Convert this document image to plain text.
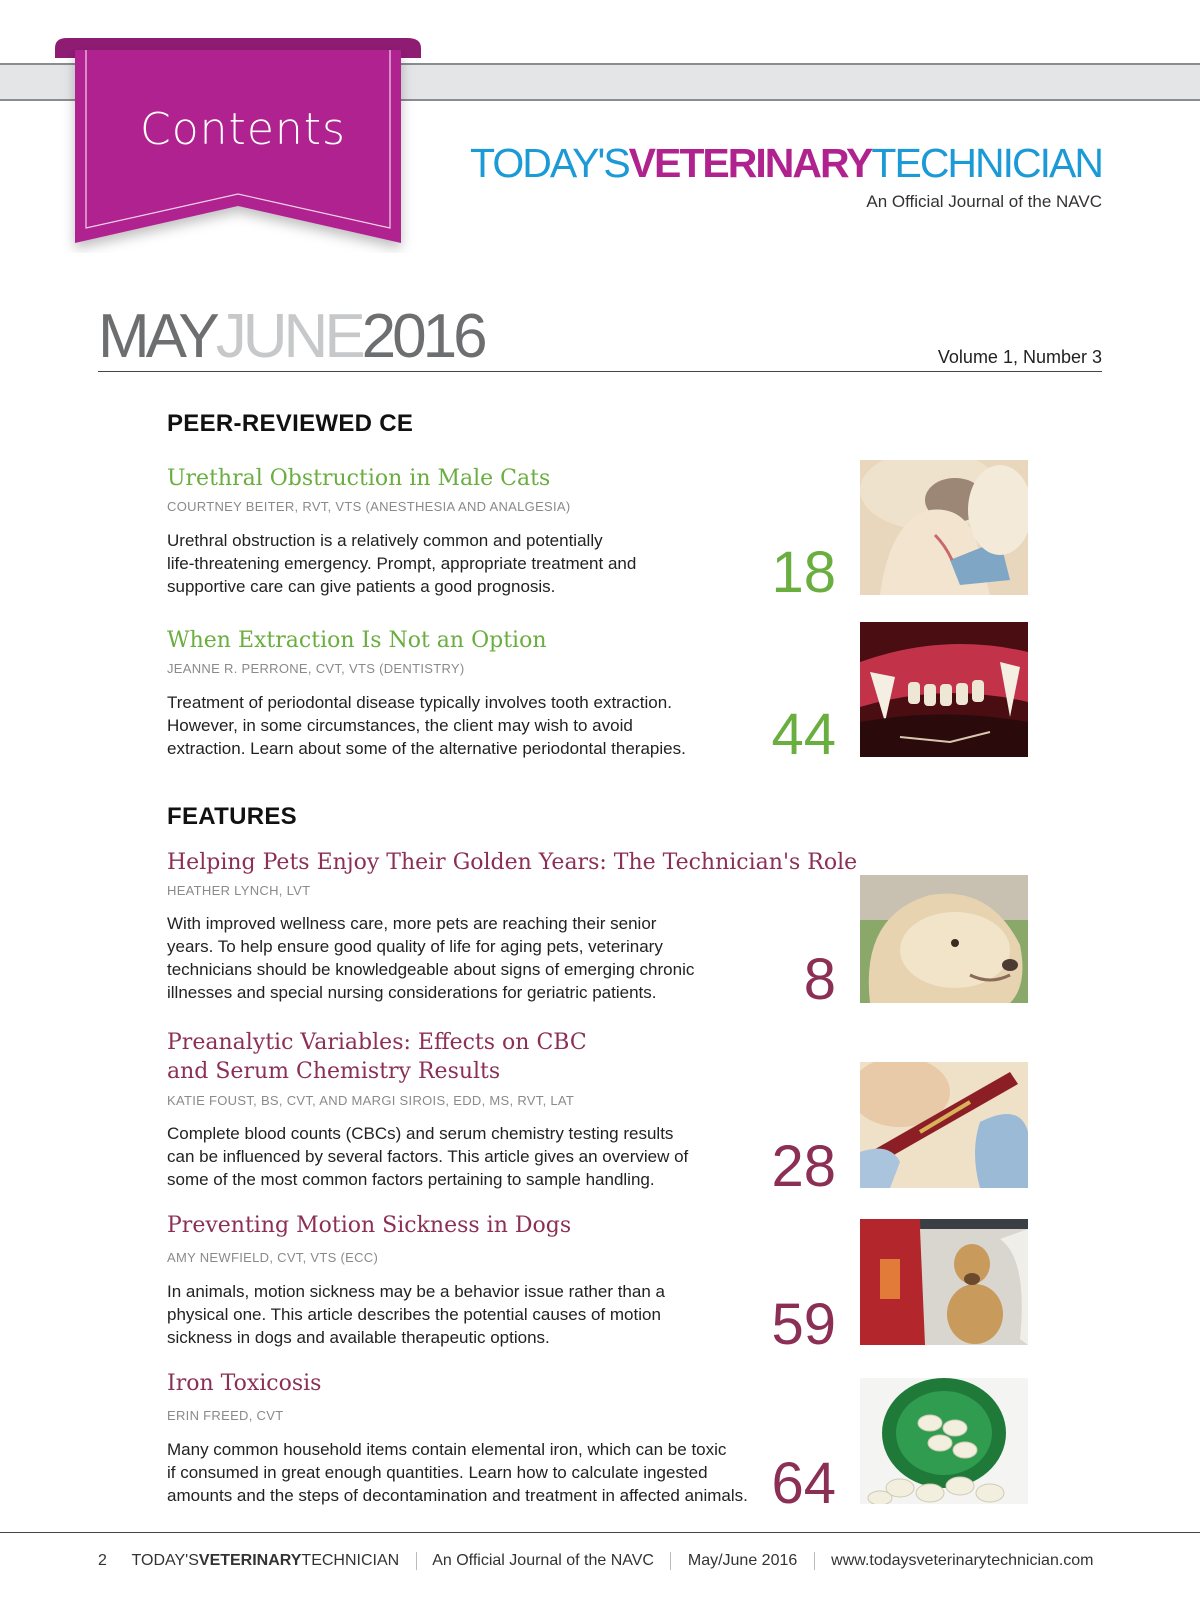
Contents
TODAY'SVETERINARYTECHNICIAN
An Official Journal of the NAVC
MAYJUNE2016	Volume 1, Number 3
PEER-REVIEWED CE
Urethral Obstruction in Male Cats
COURTNEY BEITER, RVT, VTS (ANESTHESIA AND ANALGESIA)
Urethral obstruction is a relatively common and potentially
life-threatening emergency. Prompt, appropriate treatment and
supportive care can give patients a good prognosis.	18
When Extraction Is Not an Option
JEANNE R. PERRONE, CVT, VTS (DENTISTRY)
Treatment of periodontal disease typically involves tooth extraction.
However, in some circumstances, the client may wish to avoid
extraction. Learn about some of the alternative periodontal therapies.	44
FEATURES
Helping Pets Enjoy Their Golden Years: The Technician's Role
HEATHER LYNCH, LVT
With improved wellness care, more pets are reaching their senior
years. To help ensure good quality of life for aging pets, veterinary
technicians should be knowledgeable about signs of emerging chronic
illnesses and special nursing considerations for geriatric patients.	8
Preanalytic Variables: Effects on CBC
and Serum Chemistry Results
KATIE FOUST, BS, CVT, AND MARGI SIROIS, EDD, MS, RVT, LAT
Complete blood counts (CBCs) and serum chemistry testing results
can be influenced by several factors. This article gives an overview of
some of the most common factors pertaining to sample handling.	28
Preventing Motion Sickness in Dogs
AMY NEWFIELD, CVT, VTS (ECC)
In animals, motion sickness may be a behavior issue rather than a
physical one. This article describes the potential causes of motion
sickness in dogs and available therapeutic options.	59
Iron Toxicosis
ERIN FREED, CVT
Many common household items contain elemental iron, which can be toxic
if consumed in great enough quantities. Learn how to calculate ingested
amounts and the steps of decontamination and treatment in affected animals. 64
2 TODAY'SVETERINARYTECHNICIAN An Official Journal of the NAVC May/June 2016 www.todaysveterinarytechnician.com
